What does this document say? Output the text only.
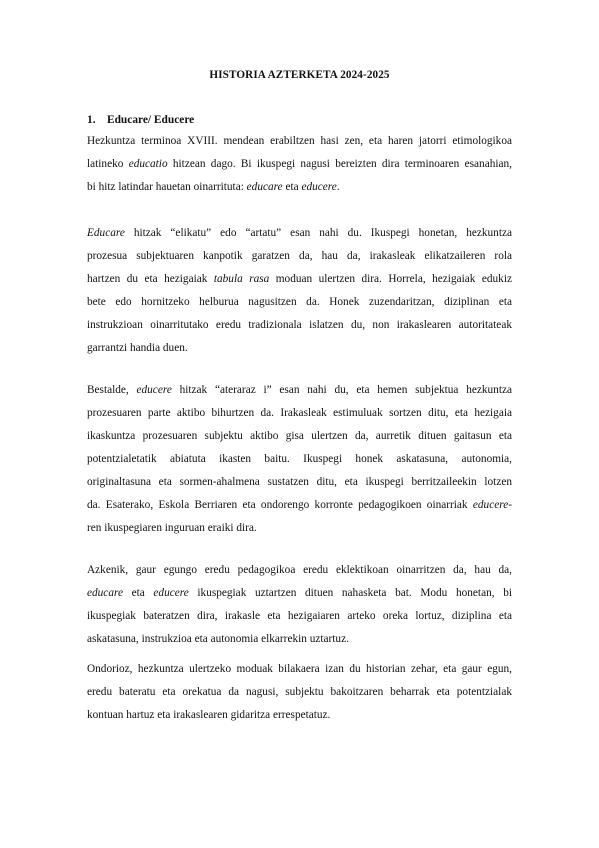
HISTORIA AZTERKETA 2024-2025
1. Educare/ Educere
Hezkuntza terminoa XVIII. mendean erabiltzen hasi zen, eta haren jatorri etimologikoa
latineko educatio hitzean dago. Bi ikuspegi nagusi bereizten dira terminoaren esanahian,
bi hitz latindar hauetan oinarrituta: educare eta educere.
Educare hitzak “elikatu” edo “artatu” esan nahi du. Ikuspegi honetan, hezkuntza
prozesua subjektuaren kanpotik garatzen da, hau da, irakasleak elikatzaileren rola
hartzen du eta hezigaiak tabula rasa moduan ulertzen dira. Horrela, hezigaiak edukiz
bete edo hornitzeko helburua nagusitzen da. Honek zuzendaritzan, diziplinan eta
instrukzioan oinarritutako eredu tradizionala islatzen du, non irakaslearen autoritateak
garrantzi handia duen.
Bestalde, educere hitzak “ateraraz i” esan nahi du, eta hemen subjektua hezkuntza
prozesuaren parte aktibo bihurtzen da. Irakasleak estimuluak sortzen ditu, eta hezigaia
ikaskuntza prozesuaren subjektu aktibo gisa ulertzen da, aurretik dituen gaitasun eta
potentzialetatik abiatuta ikasten baitu. Ikuspegi honek askatasuna, autonomia,
originaltasuna eta sormen-ahalmena sustatzen ditu, eta ikuspegi berritzaileekin lotzen
da. Esaterako, Eskola Berriaren eta ondorengo korronte pedagogikoen oinarriak educere-
ren ikuspegiaren inguruan eraiki dira.
Azkenik, gaur egungo eredu pedagogikoa eredu eklektikoan oinarritzen da, hau da,
educare eta educere ikuspegiak uztartzen dituen nahasketa bat. Modu honetan, bi
ikuspegiak bateratzen dira, irakasle eta hezigaiaren arteko oreka lortuz, diziplina eta
askatasuna, instrukzioa eta autonomia elkarrekin uztartuz.
Ondorioz, hezkuntza ulertzeko moduak bilakaera izan du historian zehar, eta gaur egun,
eredu bateratu eta orekatua da nagusi, subjektu bakoitzaren beharrak eta potentzialak
kontuan hartuz eta irakaslearen gidaritza errespetatuz.
